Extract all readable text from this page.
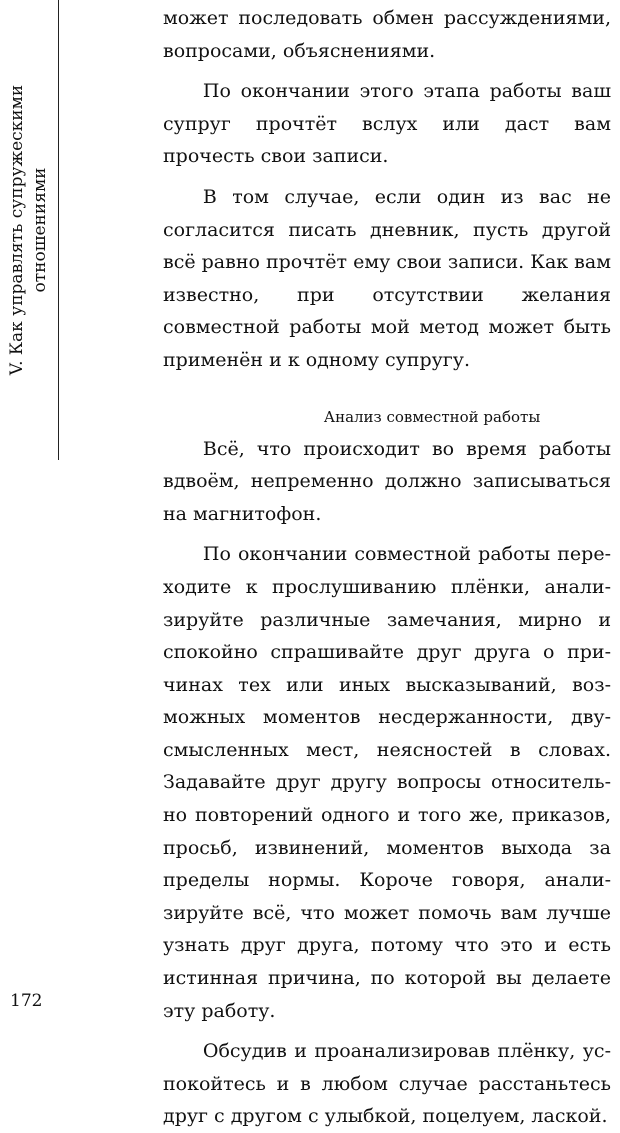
V. Как управлять супружескими отношениями

может последовать обмен рассуждениями, вопросами, объяснениями.

По окончании этого этапа работы ваш супруг прочтёт вслух или даст вам прочесть свои записи.

В том случае, если один из вас не согласится писать дневник, пусть другой всё равно прочтёт ему свои записи. Как вам известно, при отсутствии желания совместной работы мой метод может быть применён и к одному супругу.

Анализ совместной работы

Всё, что происходит во время работы вдвоём, непременно должно записываться на магнитофон.

По окончании совместной работы переходите к прослушиванию плёнки, анализируйте различные замечания, мирно и спокойно спрашивайте друг друга о причинах тех или иных высказываний, возможных моментов несдержанности, двусмысленных мест, неясностей в словах. Задавайте друг другу вопросы относительно повторений одного и того же, приказов, просьб, извинений, моментов выхода за пределы нормы. Короче говоря, анализируйте всё, что может помочь вам лучше узнать друг друга, потому что это и есть истинная причина, по которой вы делаете эту работу.

Обсудив и проанализировав плёнку, успокойтесь и в любом случае расстаньтесь друг с другом с улыбкой, поцелуем, лаской.

172
